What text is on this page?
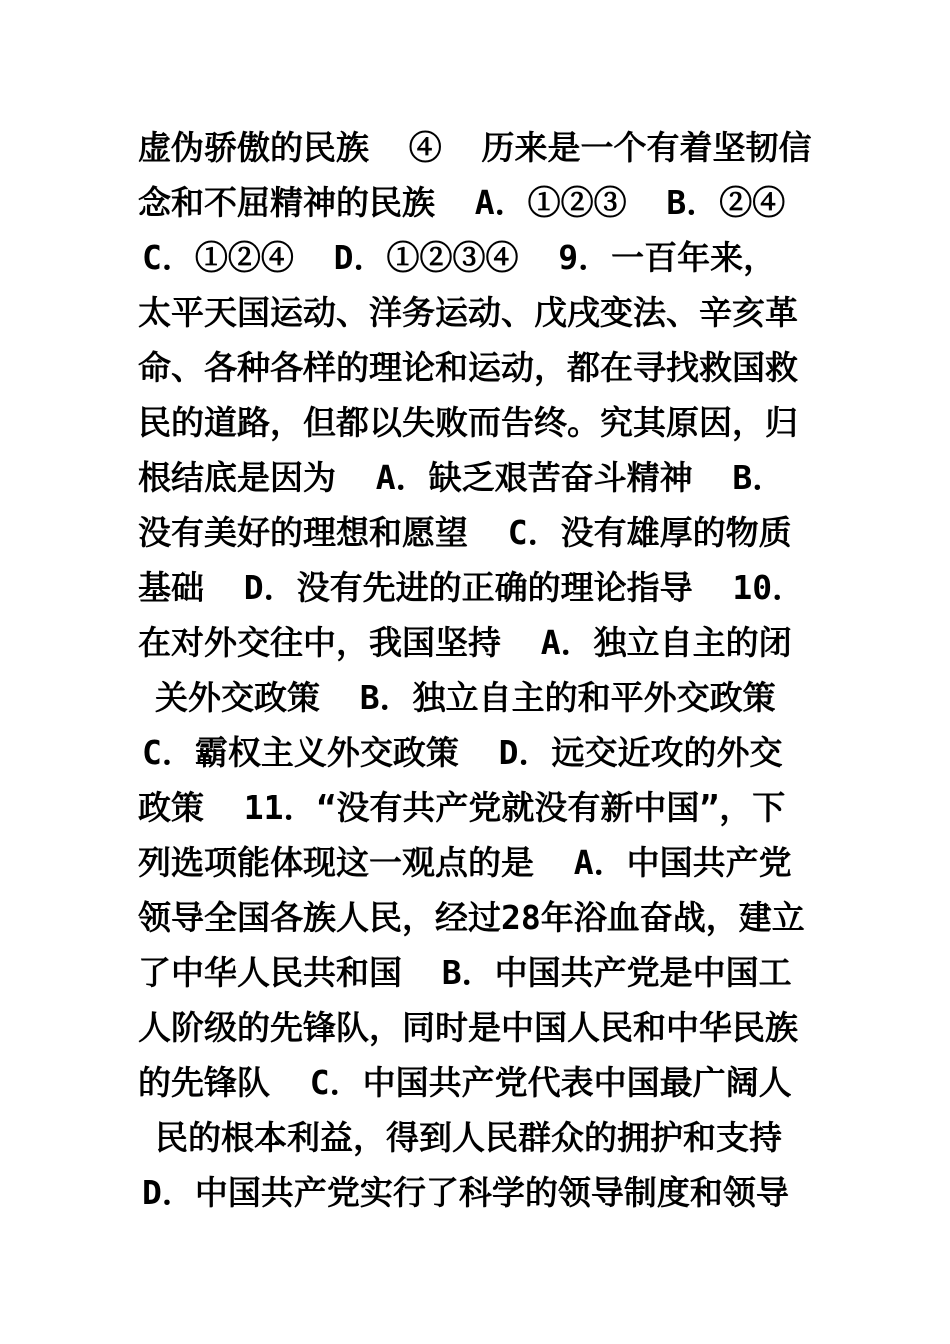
虚伪骄傲的民族  ④  历来是一个有着坚韧信
念和不屈精神的民族  A．①②③  B．②④
C．①②④  D．①②③④  9．一百年来，
太平天国运动、洋务运动、戊戌变法、辛亥革
命、各种各样的理论和运动，都在寻找救国救
民的道路，但都以失败而告终。究其原因，归
根结底是因为  A．缺乏艰苦奋斗精神  B．
没有美好的理想和愿望  C．没有雄厚的物质
基础  D．没有先进的正确的理论指导  10．
在对外交往中，我国坚持  A．独立自主的闭
关外交政策  B．独立自主的和平外交政策
C．霸权主义外交政策  D．远交近攻的外交
政策  11．“没有共产党就没有新中国”，下
列选项能体现这一观点的是  A．中国共产党
领导全国各族人民，经过28年浴血奋战，建立
了中华人民共和国  B．中国共产党是中国工
人阶级的先锋队，同时是中国人民和中华民族
的先锋队  C．中国共产党代表中国最广阔人
民的根本利益，得到人民群众的拥护和支持
D．中国共产党实行了科学的领导制度和领导
